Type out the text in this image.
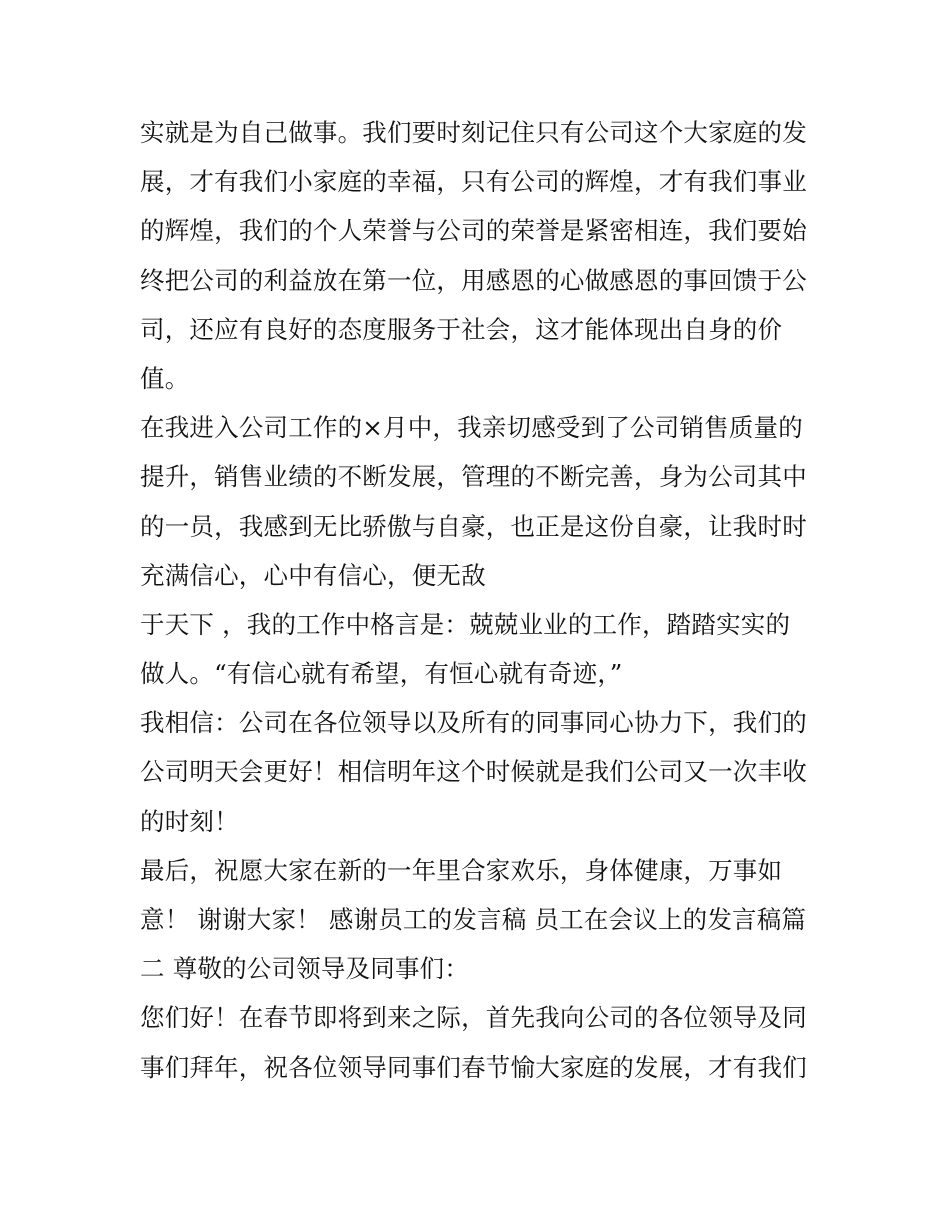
实就是为自己做事。我们要时刻记住只有公司这个大家庭的发
展，才有我们小家庭的幸福，只有公司的辉煌，才有我们事业
的辉煌，我们的个人荣誉与公司的荣誉是紧密相连，我们要始
终把公司的利益放在第一位，用感恩的心做感恩的事回馈于公
司，还应有良好的态度服务于社会，这才能体现出自身的价
值。
在我进入公司工作的×月中，我亲切感受到了公司销售质量的
提升，销售业绩的不断发展，管理的不断完善，身为公司其中
的一员，我感到无比骄傲与自豪，也正是这份自豪，让我时时
充满信心，心中有信心，便无敌
于天下 ，我的工作中格言是：兢兢业业的工作，踏踏实实的
做人。“有信心就有希望，有恒心就有奇迹，”
我相信：公司在各位领导以及所有的同事同心协力下，我们的
公司明天会更好！相信明年这个时候就是我们公司又一次丰收
的时刻！
最后，祝愿大家在新的一年里合家欢乐，身体健康，万事如
意！ 谢谢大家！ 感谢员工的发言稿 员工在会议上的发言稿篇
二 尊敬的公司领导及同事们：
您们好！在春节即将到来之际，首先我向公司的各位领导及同
事们拜年，祝各位领导同事们春节愉大家庭的发展，才有我们
